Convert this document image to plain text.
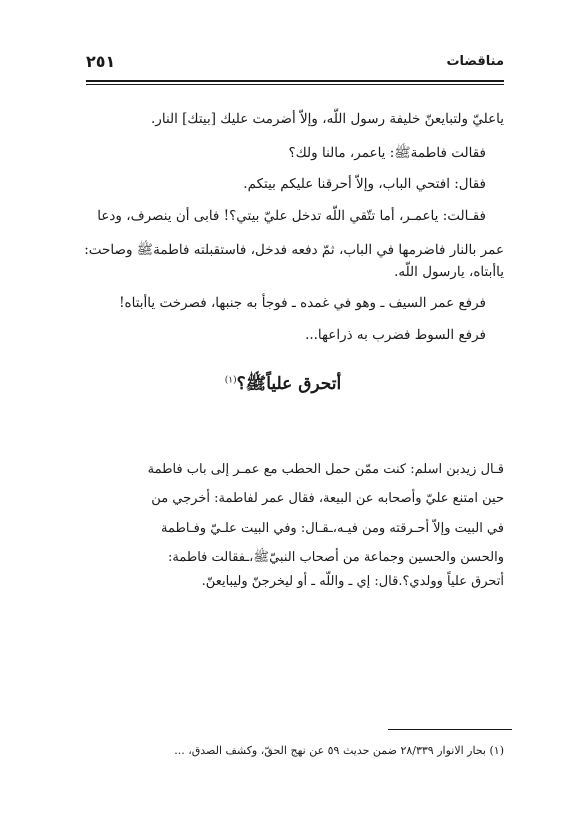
مناقضات
٢٥١
ياعليّ ولتبايعنّ خليفة رسول اللّه، وإلاّ أضرمت عليك [بيتك] النار.
فقالت فاطمةﷺ: ياعمر، مالنا ولك؟
فقال: افتحي الباب، وإلاّ أحرقنا عليكم بيتكم.
فقـالت: ياعمـر، أما تتّقي اللّه تدخل عليّ بيتي؟! فابى أن ينصرف، ودعا
عمر بالنار فاضرمها في الباب، ثمّ دفعه فدخل، فاستقبلته فاطمةﷺ وصاحت:
ياأبتاه، يارسول اللّه.
فرفع عمر السيف ـ وهو في غمده ـ فوجأ به جنبها، فصرخت ياأبتاه!
فرفع السوط فضرب به ذراعها...
أتحرق علياًﷺ؟$^{(١)}$
قـال زيدبن اسلم: كنت ممّن حمل الحطب مع عمـر إلى باب فاطمة
حين امتنع عليّ وأصحابه عن البيعة، فقال عمر لفاطمة: أخرجي من
في البيت وإلاّ أحـرقته ومن فيـه،ـقـال: وفي البيت علـيّ وفـاطمة
والحسن والحسين وجماعة من أصحاب النبيّﷺ،ـفقالت فاطمة:
أتحرق علياً وولدي؟.قال: إي ـ واللّه ـ أو ليخرجنّ وليبايعنّ.
(١) بحار الانوار ٢٨/٣٣٩ ضمن حديث ٥٩ عن نهج الحقّ، وكشف الصدق، ...
